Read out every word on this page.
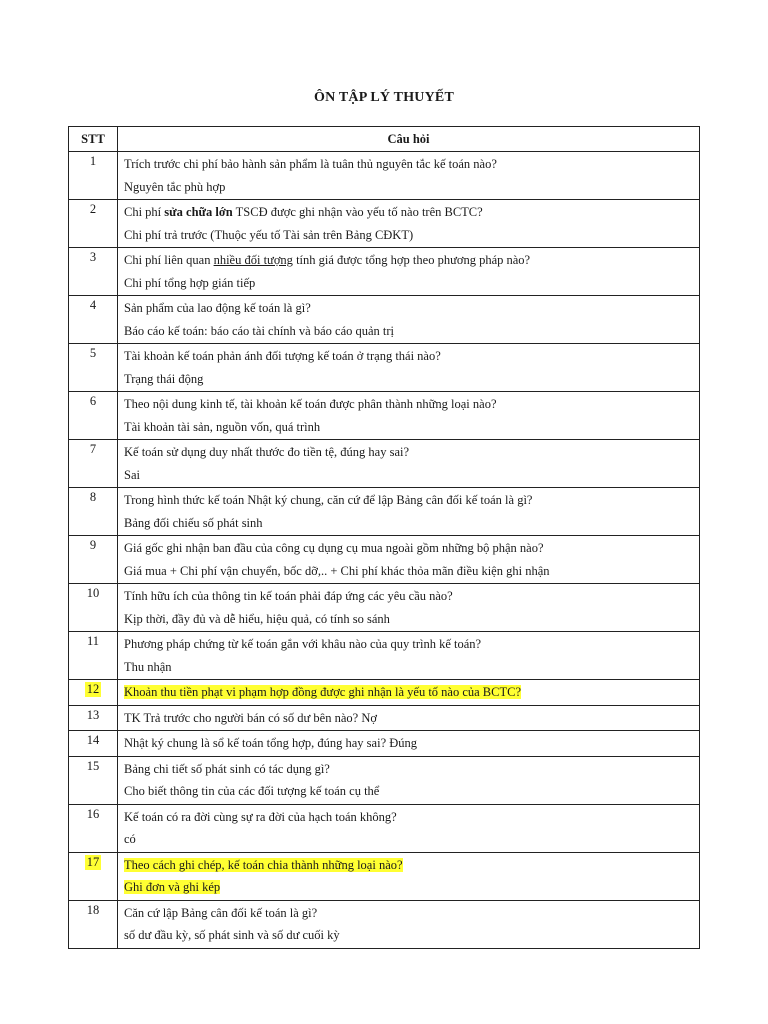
ÔN TẬP LÝ THUYẾT
STT	Câu hỏi
1	Trích trước chi phí bảo hành sản phẩm là tuân thủ nguyên tắc kế toán nào?
Nguyên tắc phù hợp

2	Chi phí sửa chữa lớn TSCĐ được ghi nhận vào yếu tố nào trên BCTC?
Chi phí trả trước (Thuộc yếu tố Tài sản trên Bảng CĐKT)

3	Chi phí liên quan nhiều đối tượng tính giá được tổng hợp theo phương pháp nào?
Chi phí tổng hợp gián tiếp

4	Sản phẩm của lao động kế toán là gì?
Báo cáo kế toán: báo cáo tài chính và báo cáo quản trị

5	Tài khoản kế toán phản ánh đối tượng kế toán ở trạng thái nào?
Trạng thái động

6	Theo nội dung kinh tế, tài khoản kế toán được phân thành những loại nào?
Tài khoản tài sản, nguồn vốn, quá trình

7	Kế toán sử dụng duy nhất thước đo tiền tệ, đúng hay sai?
Sai

8	Trong hình thức kế toán Nhật ký chung, căn cứ để lập Bảng cân đối kế toán là gì?
Bảng đối chiếu số phát sinh

9	Giá gốc ghi nhận ban đầu của công cụ dụng cụ mua ngoài gồm những bộ phận nào?
Giá mua + Chi phí vận chuyển, bốc dỡ,.. + Chi phí khác thỏa mãn điều kiện ghi nhận

10	Tính hữu ích của thông tin kế toán phải đáp ứng các yêu cầu nào?
Kịp thời, đầy đủ và dễ hiểu, hiệu quả, có tính so sánh

11	Phương pháp chứng từ kế toán gắn với khâu nào của quy trình kế toán?
Thu nhận

12	Khoản thu tiền phạt vi phạm hợp đồng được ghi nhận là yếu tố nào của BCTC?

13	TK Trả trước cho người bán có số dư bên nào? Nợ

14	Nhật ký chung là sổ kế toán tổng hợp, đúng hay sai? Đúng

15	Bảng chi tiết số phát sinh có tác dụng gì?
Cho biết thông tin của các đối tượng kế toán cụ thể

16	Kế toán có ra đời cùng sự ra đời của hạch toán không?
có

17	Theo cách ghi chép, kế toán chia thành những loại nào?
Ghi đơn và ghi kép

18	Căn cứ lập Bảng cân đối kế toán là gì?
số dư đầu kỳ, số phát sinh và số dư cuối kỳ
